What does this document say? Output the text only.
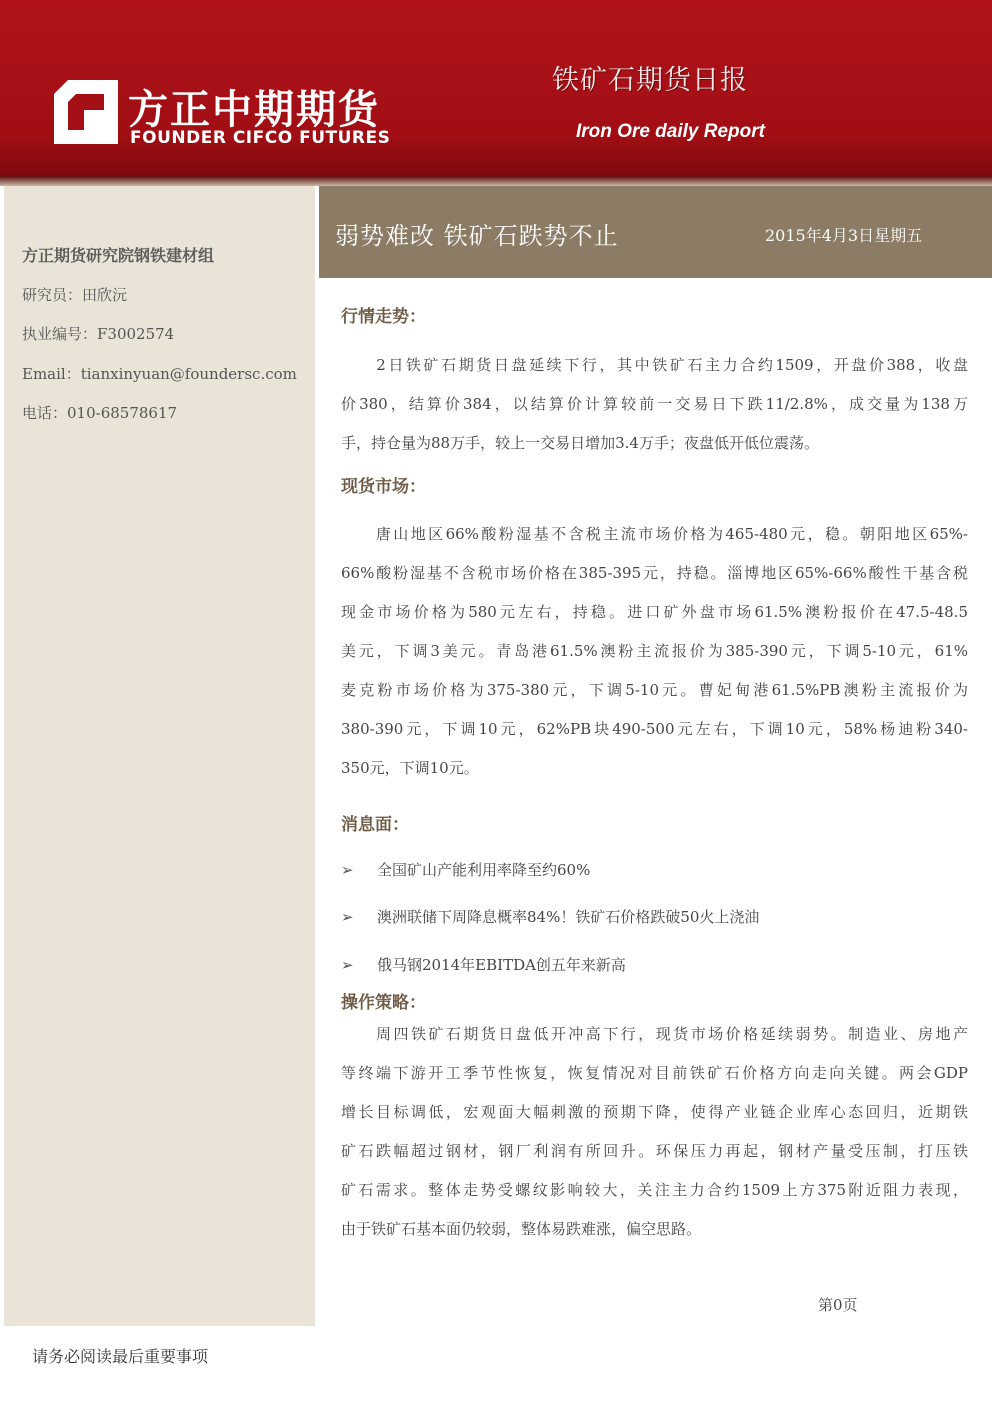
方正中期期货
FOUNDER CIFCO FUTURES
铁矿石期货日报
Iron Ore daily Report
方正期货研究院钢铁建材组
研究员：田欣沅
执业编号：F3002574
Email：tianxinyuan@foundersc.com
电话：010-68578617
弱势难改 铁矿石跌势不止	2015年4月3日星期五
行情走势：
　　2日铁矿石期货日盘延续下行，其中铁矿石主力合约1509，开盘价388，收盘
价380，结算价384，以结算价计算较前一交易日下跌11/2.8%，成交量为138万
手，持仓量为88万手，较上一交易日增加3.4万手；夜盘低开低位震荡。
现货市场：
　　唐山地区66%酸粉湿基不含税主流市场价格为465-480元，稳。朝阳地区65%-
66%酸粉湿基不含税市场价格在385-395元，持稳。淄博地区65%-66%酸性干基含税
现金市场价格为580元左右，持稳。进口矿外盘市场61.5%澳粉报价在47.5-48.5
美元，下调3美元。青岛港61.5%澳粉主流报价为385-390元，下调5-10元，61%
麦克粉市场价格为375-380元，下调5-10元。曹妃甸港61.5%PB澳粉主流报价为
380-390元，下调10元，62%PB块490-500元左右，下调10元，58%杨迪粉340-
350元，下调10元。
消息面：
➢ 全国矿山产能利用率降至约60%
➢ 澳洲联储下周降息概率84%！铁矿石价格跌破50火上浇油
➢ 俄马钢2014年EBITDA创五年来新高
操作策略：
　　周四铁矿石期货日盘低开冲高下行，现货市场价格延续弱势。制造业、房地产
等终端下游开工季节性恢复，恢复情况对目前铁矿石价格方向走向关键。两会GDP
增长目标调低，宏观面大幅刺激的预期下降，使得产业链企业库心态回归，近期铁
矿石跌幅超过钢材，钢厂利润有所回升。环保压力再起，钢材产量受压制，打压铁
矿石需求。整体走势受螺纹影响较大，关注主力合约1509上方375附近阻力表现，
由于铁矿石基本面仍较弱，整体易跌难涨，偏空思路。
第0页
请务必阅读最后重要事项
